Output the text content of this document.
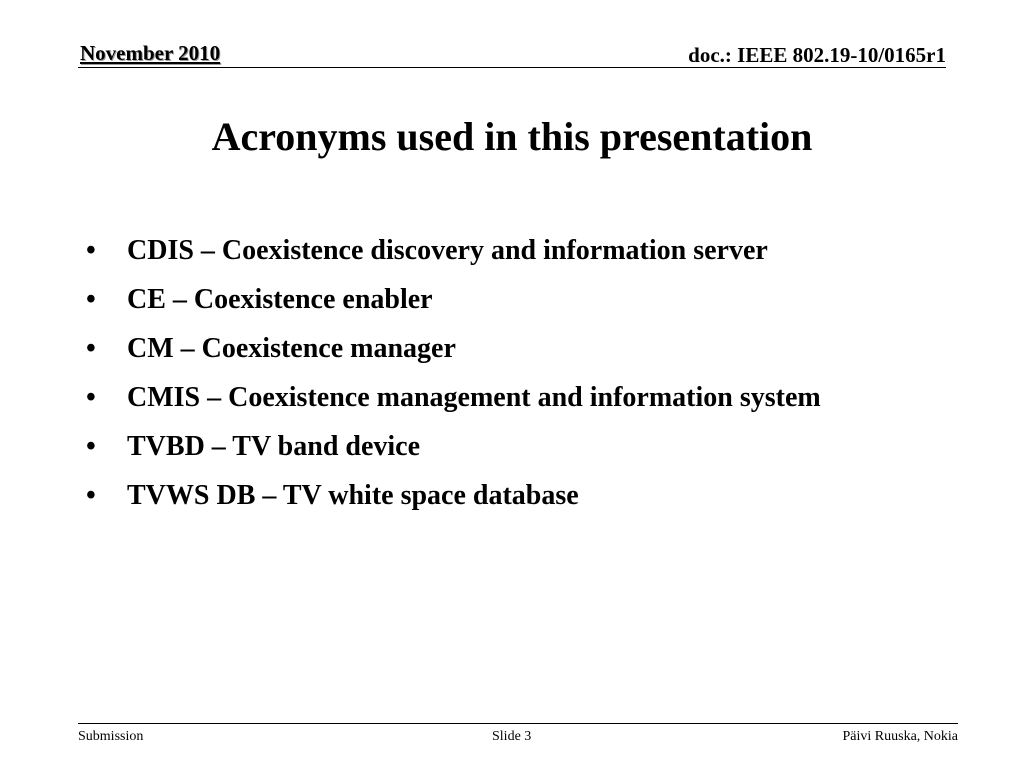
November 2010	doc.: IEEE 802.19-10/0165r1
Acronyms used in this presentation
•	CDIS – Coexistence discovery and information server
•	CE – Coexistence enabler
•	CM – Coexistence manager
•	CMIS – Coexistence management and information system
•	TVBD – TV band device
•	TVWS DB – TV white space database
Submission	Slide 3	Päivi Ruuska, Nokia
